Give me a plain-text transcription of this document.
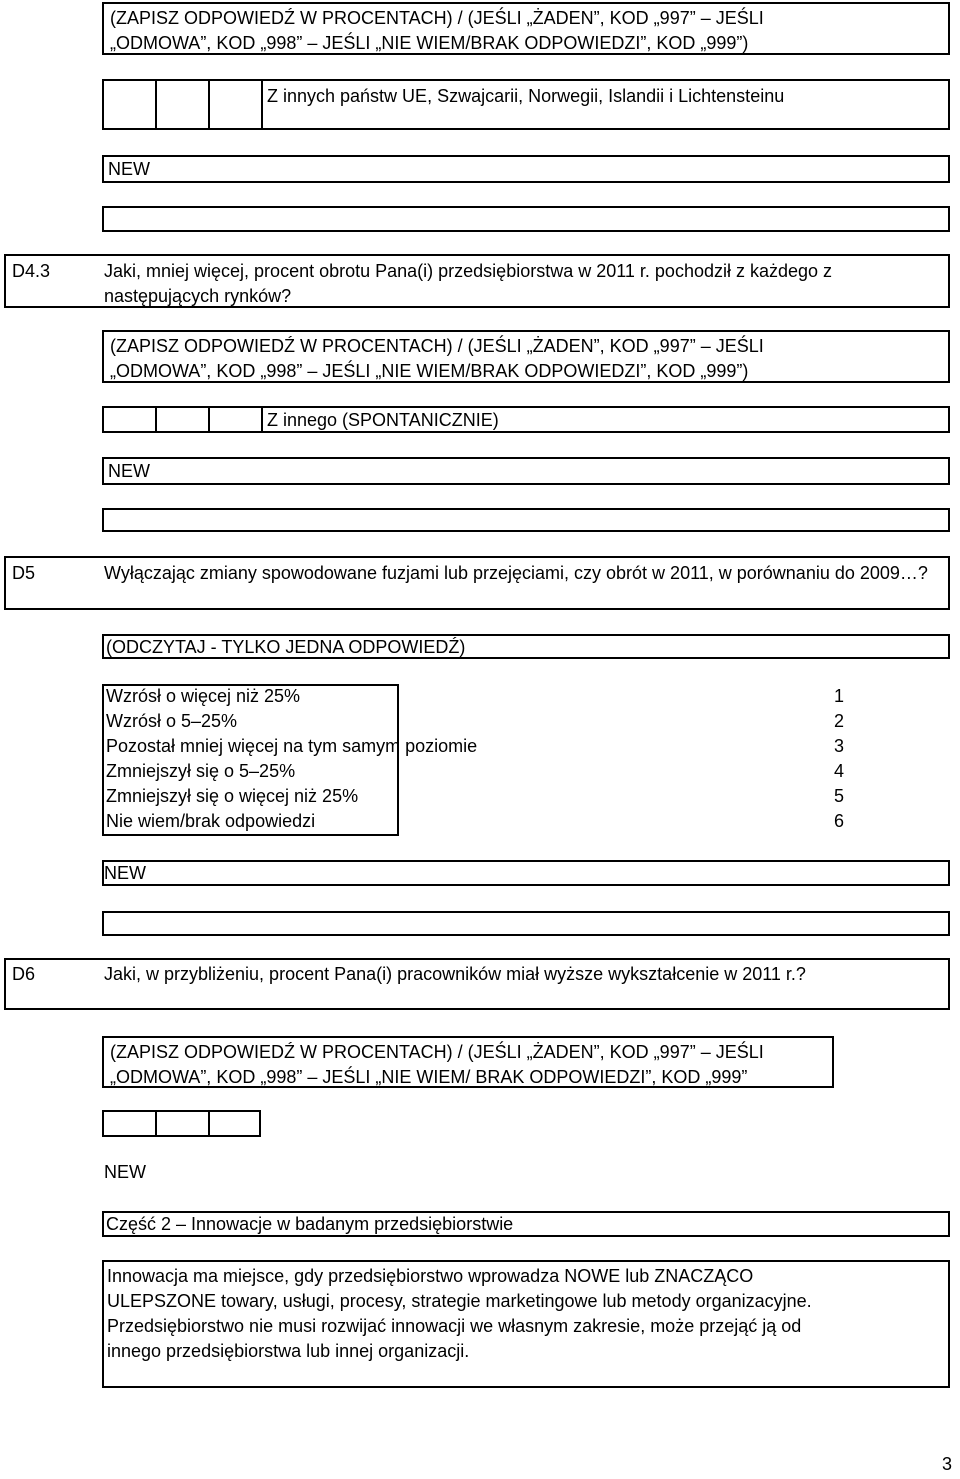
(ZAPISZ ODPOWIEDŹ W PROCENTACH) / (JEŚLI „ŻADEN”, KOD „997” – JEŚLI
„ODMOWA”, KOD „998” – JEŚLI „NIE WIEM/BRAK ODPOWIEDZI”, KOD „999”)
Z innych państw UE, Szwajcarii, Norwegii, Islandii i Lichtensteinu
NEW
D4.3	Jaki, mniej więcej, procent obrotu Pana(i) przedsiębiorstwa w 2011 r. pochodził z każdego z następujących rynków?
(ZAPISZ ODPOWIEDŹ W PROCENTACH) / (JEŚLI „ŻADEN”, KOD „997” – JEŚLI
„ODMOWA”, KOD „998” – JEŚLI „NIE WIEM/BRAK ODPOWIEDZI”, KOD „999”)
Z innego (SPONTANICZNIE)
NEW
D5	Wyłączając zmiany spowodowane fuzjami lub przejęciami, czy obrót w 2011, w porównaniu do 2009…?
(ODCZYTAJ - TYLKO JEDNA ODPOWIEDŹ)
Wzrósł o więcej niż 25%	1
Wzrósł o 5–25%	2
Pozostał mniej więcej na tym samym poziomie	3
Zmniejszył się o 5–25%	4
Zmniejszył się o więcej niż 25%	5
Nie wiem/brak odpowiedzi	6
NEW
D6	Jaki, w przybliżeniu, procent Pana(i) pracowników miał wyższe wykształcenie w 2011 r.?
(ZAPISZ ODPOWIEDŹ W PROCENTACH) / (JEŚLI „ŻADEN”, KOD „997” – JEŚLI
„ODMOWA”, KOD „998” – JEŚLI „NIE WIEM/ BRAK ODPOWIEDZI”, KOD „999”
NEW
Część 2 – Innowacje w badanym przedsiębiorstwie
Innowacja ma miejsce, gdy przedsiębiorstwo wprowadza NOWE lub ZNACZĄCO
ULEPSZONE towary, usługi, procesy, strategie marketingowe lub metody organizacyjne.
Przedsiębiorstwo nie musi rozwijać innowacji we własnym zakresie, może przejąć ją od
innego przedsiębiorstwa lub innej organizacji.
3
